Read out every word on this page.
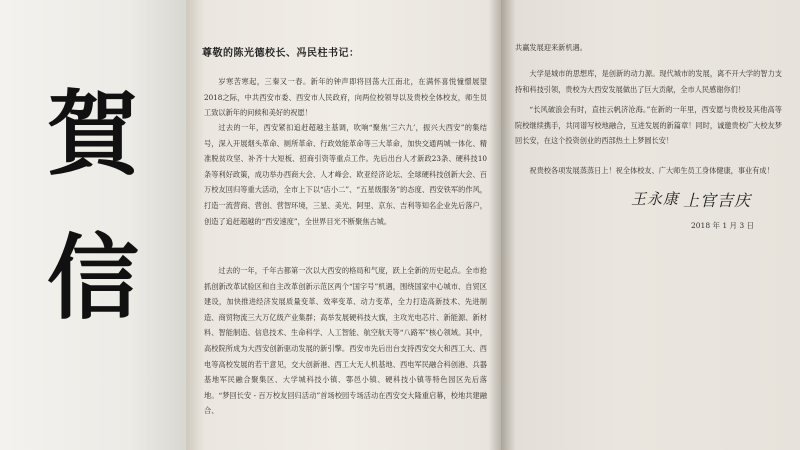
賀
信
尊敬的陈光德校长、冯民柱书记：

岁寒苦寒起，三秦又一春。新年的钟声即将回荡大江南北，在满怀喜悦憧憬展望2018之际，中共西安市委、西安市人民政府，向两位校领导以及贵校全体校友，师生员工致以新年的问候和美好的祝愿！

过去的一年，西安紧扣追赶超越主基调，吹响“聚焦‘三六九’，振兴大西安”的集结号，深入开展烟头革命、厕所革命、行政效能革命等三大革命，加快交通两城一体化、精准脱贫攻坚、补齐十大短板、招商引资等重点工作。先后出台人才新政23条、硬科技10条等利好政策，成功举办西商大会、人才峰会、欧亚经济论坛、全球硬科技创新大会、百万校友回归等重大活动，全市上下以“店小二”、“五星级服务”的态度、西安铁军的作风，打造一流营商、营创、营智环境，三星、美光、阿里、京东、吉利等知名企业先后落户，创造了追赶超越的“西安速度”，全世界目光不断聚焦古城。

过去的一年，千年古都第一次以大西安的格局和气度，跃上全新的历史起点。全市抢抓创新改革试验区和自主改革创新示范区两个“国字号”机遇，围绕国家中心城市、自贸区建设，加快推进经济发展质量变革、效率变革、动力变革，全力打造高新技术、先进制造、商贸物流三大万亿级产业集群；高举发展硬科技大旗，主攻光电芯片、新能源、新材料、智能制造、信息技术、生命科学、人工智能、航空航天等“八路军”核心领域。其中，高校院所成为大西安创新驱动发展的新引擎。西安市先后出台支持西安交大和西工大、西电等高校发展的若干意见，交大创新港、西工大无人机基地、西电军民融合科创港、兵器基地军民融合聚集区、大学城科技小镇、鄠邑小镇、硬科技小镇等特色园区先后落地。“梦回长安 - 百万校友回归活动”首场校园专场活动在西安交大隆重启幕，校地共建融合、

共赢发展迎来新机遇。

大学是城市的思想库，是创新的动力源。现代城市的发展，离不开大学的智力支持和科技引领，贵校为大西安发展做出了巨大贡献，全市人民感谢你们！

“长风破浪会有时，直挂云帆济沧海。”在新的一年里，西安愿与贵校及其他高等院校继续携手，共同谱写校地融合，互进发展的新篇章！同时，诚邀贵校广大校友梦回长安，在这个投资创业的西部热土上梦圆长安！

祝贵校各项发展蒸蒸日上！祝全体校友、广大师生员工身体健康，事业有成！

王永康 上官吉庆
2018 年 1 月 3 日
